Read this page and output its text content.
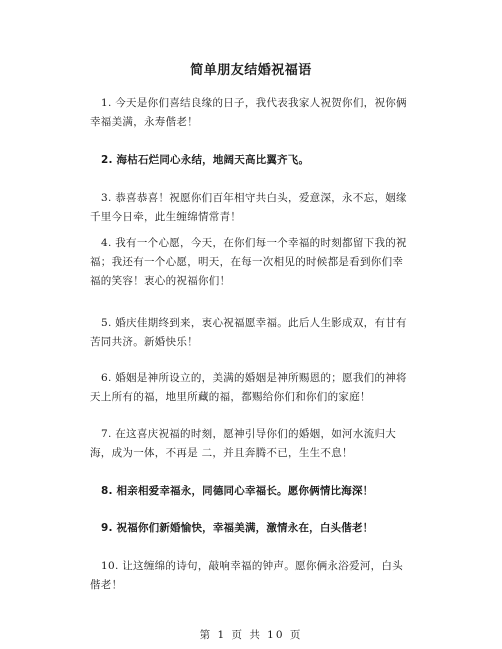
简单朋友结婚祝福语

1. 今天是你们喜结良缘的日子，我代表我家人祝贺你们，祝你俩幸福美满，永寿偕老！

2. 海枯石烂同心永结，地阔天高比翼齐飞。

3. 恭喜恭喜！祝愿你们百年相守共白头，爱意深，永不忘，姻缘千里今日牵，此生缠绵情常青！

4. 我有一个心愿，今天，在你们每一个幸福的时刻都留下我的祝福；我还有一个心愿，明天，在每一次相见的时候都是看到你们幸福的笑容！衷心的祝福你们！

5. 婚庆佳期终到来，衷心祝福愿幸福。此后人生影成双，有甘有苦同共济。新婚快乐！

6. 婚姻是神所设立的，美满的婚姻是神所赐恩的；愿我们的神将天上所有的福，地里所藏的福，都赐给你们和你们的家庭！

7. 在这喜庆祝福的时刻，愿神引导你们的婚姻，如河水流归大海，成为一体，不再是 二，并且奔腾不已，生生不息！

8. 相亲相爱幸福永，同德同心幸福长。愿你俩情比海深！

9. 祝福你们新婚愉快，幸福美满，激情永在，白头偕老！

10. 让这缠绵的诗句，敲响幸福的钟声。愿你俩永浴爱河，白头偕老！

第 1 页 共 10 页
